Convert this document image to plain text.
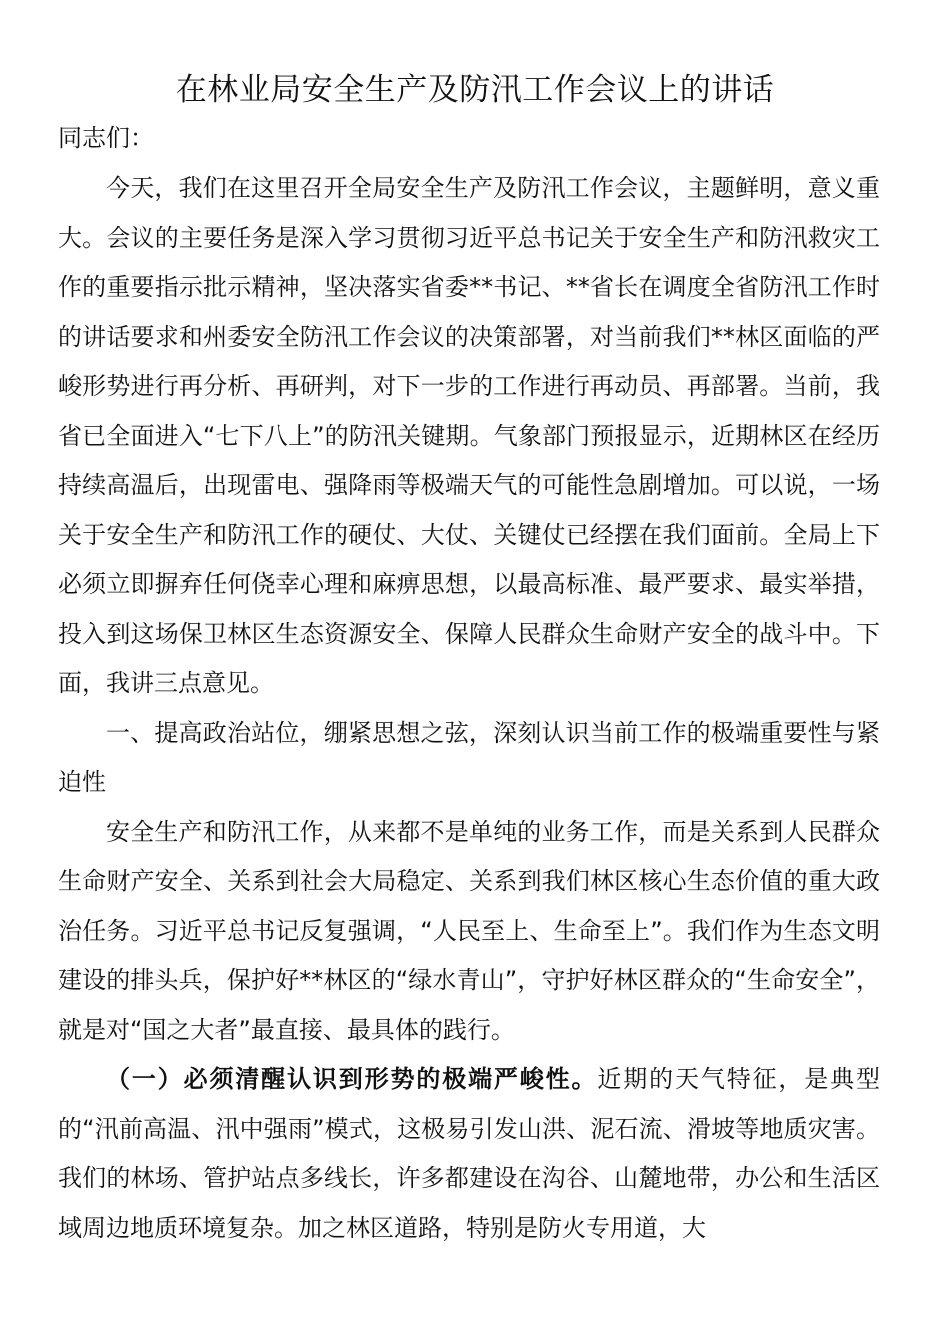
在林业局安全生产及防汛工作会议上的讲话

同志们：

今天，我们在这里召开全局安全生产及防汛工作会议，主题鲜明，意义重大。会议的主要任务是深入学习贯彻习近平总书记关于安全生产和防汛救灾工作的重要指示批示精神，坚决落实省委**书记、**省长在调度全省防汛工作时的讲话要求和州委安全防汛工作会议的决策部署，对当前我们**林区面临的严峻形势进行再分析、再研判，对下一步的工作进行再动员、再部署。当前，我省已全面进入“七下八上”的防汛关键期。气象部门预报显示，近期林区在经历持续高温后，出现雷电、强降雨等极端天气的可能性急剧增加。可以说，一场关于安全生产和防汛工作的硬仗、大仗、关键仗已经摆在我们面前。全局上下必须立即摒弃任何侥幸心理和麻痹思想，以最高标准、最严要求、最实举措，投入到这场保卫林区生态资源安全、保障人民群众生命财产安全的战斗中。下面，我讲三点意见。

一、提高政治站位，绷紧思想之弦，深刻认识当前工作的极端重要性与紧迫性

安全生产和防汛工作，从来都不是单纯的业务工作，而是关系到人民群众生命财产安全、关系到社会大局稳定、关系到我们林区核心生态价值的重大政治任务。习近平总书记反复强调，“人民至上、生命至上”。我们作为生态文明建设的排头兵，保护好**林区的“绿水青山”，守护好林区群众的“生命安全”，就是对“国之大者”最直接、最具体的践行。

（一）必须清醒认识到形势的极端严峻性。近期的天气特征，是典型的“汛前高温、汛中强雨”模式，这极易引发山洪、泥石流、滑坡等地质灾害。我们的林场、管护站点多线长，许多都建设在沟谷、山麓地带，办公和生活区域周边地质环境复杂。加之林区道路，特别是防火专用道，大
